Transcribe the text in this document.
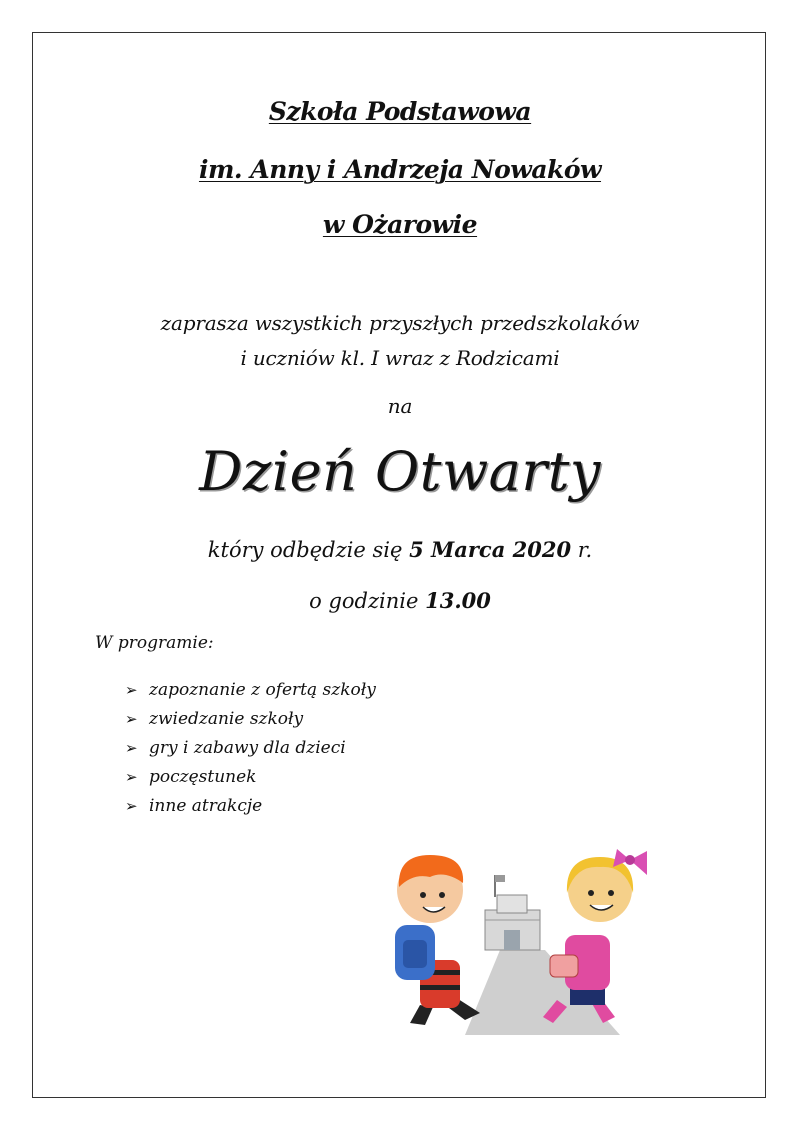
Szkoła Podstawowa
im. Anny i Andrzeja Nowaków
w Ożarowie
zaprasza wszystkich przyszłych przedszkolaków
i uczniów kl. I wraz z Rodzicami
na
Dzień Otwarty
który odbędzie się 5 Marca 2020 r.
o godzinie 13.00
W programie:
➢ zapoznanie z ofertą szkoły
➢ zwiedzanie szkoły
➢ gry i zabawy dla dzieci
➢ poczęstunek
➢ inne atrakcje
